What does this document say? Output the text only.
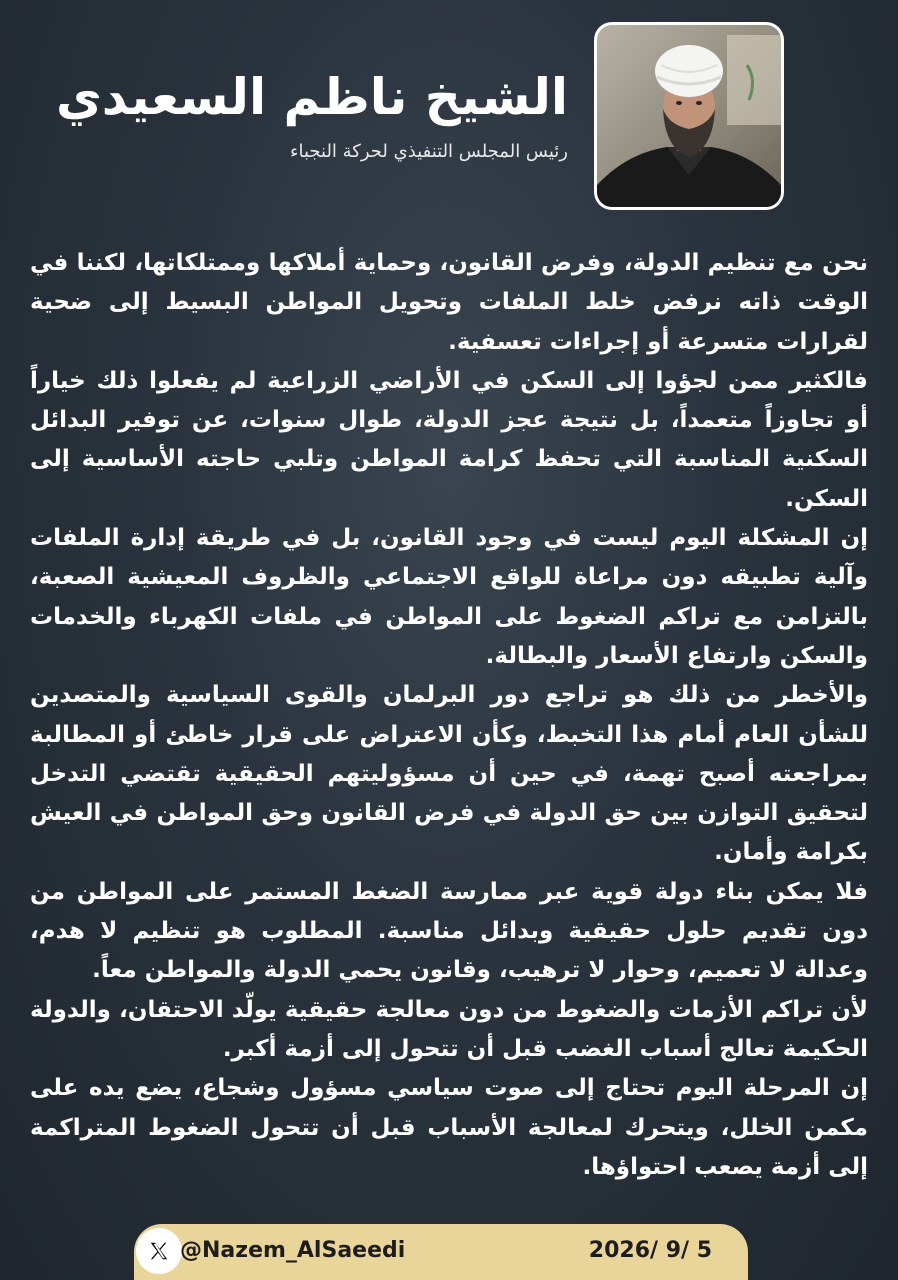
الشيخ ناظم السعيدي
رئيس المجلس التنفيذي لحركة النجباء

نحن مع تنظيم الدولة، وفرض القانون، وحماية أملاكها وممتلكاتها، لكننا في الوقت ذاته نرفض خلط الملفات وتحويل المواطن البسيط إلى ضحية لقرارات متسرعة أو إجراءات تعسفية.

فالكثير ممن لجؤوا إلى السكن في الأراضي الزراعية لم يفعلوا ذلك خياراً أو تجاوزاً متعمداً، بل نتيجة عجز الدولة، طوال سنوات، عن توفير البدائل السكنية المناسبة التي تحفظ كرامة المواطن وتلبي حاجته الأساسية إلى السكن.

إن المشكلة اليوم ليست في وجود القانون، بل في طريقة إدارة الملفات وآلية تطبيقه دون مراعاة للواقع الاجتماعي والظروف المعيشية الصعبة، بالتزامن مع تراكم الضغوط على المواطن في ملفات الكهرباء والخدمات والسكن وارتفاع الأسعار والبطالة.

والأخطر من ذلك هو تراجع دور البرلمان والقوى السياسية والمتصدين للشأن العام أمام هذا التخبط، وكأن الاعتراض على قرار خاطئ أو المطالبة بمراجعته أصبح تهمة، في حين أن مسؤوليتهم الحقيقية تقتضي التدخل لتحقيق التوازن بين حق الدولة في فرض القانون وحق المواطن في العيش بكرامة وأمان.

فلا يمكن بناء دولة قوية عبر ممارسة الضغط المستمر على المواطن من دون تقديم حلول حقيقية وبدائل مناسبة. المطلوب هو تنظيم لا هدم، وعدالة لا تعميم، وحوار لا ترهيب، وقانون يحمي الدولة والمواطن معاً.

لأن تراكم الأزمات والضغوط من دون معالجة حقيقية يولّد الاحتقان، والدولة الحكيمة تعالج أسباب الغضب قبل أن تتحول إلى أزمة أكبر.

إن المرحلة اليوم تحتاج إلى صوت سياسي مسؤول وشجاع، يضع يده على مكمن الخلل، ويتحرك لمعالجة الأسباب قبل أن تتحول الضغوط المتراكمة إلى أزمة يصعب احتواؤها.

@Nazem_AlSaeedi	2026/ 9/ 5
